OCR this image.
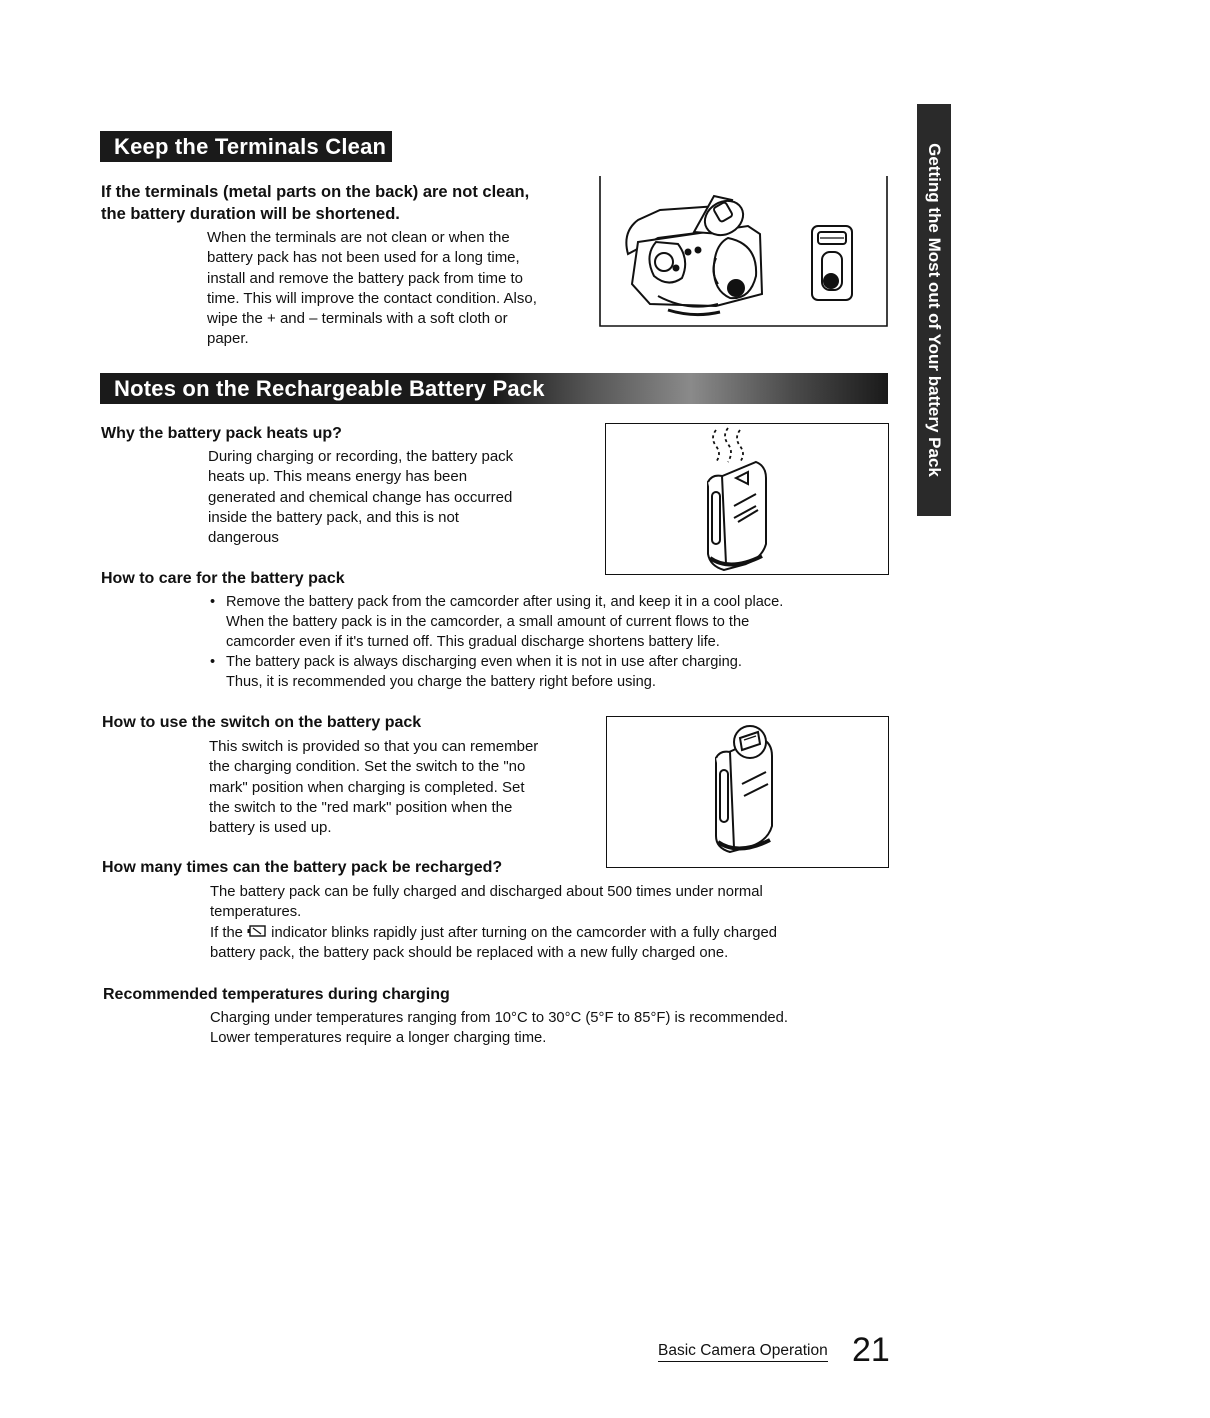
Getting the Most out of Your battery Pack
Keep the Terminals Clean
If the terminals (metal parts on the back) are not clean,
the battery duration will be shortened.
When the terminals are not clean or when the
battery pack has not been used for a long time,
install and remove the battery pack from time to
time. This will improve the contact condition. Also,
wipe the + and – terminals with a soft cloth or
paper.
Notes on the Rechargeable Battery Pack
Why the battery pack heats up?
During charging or recording, the battery pack
heats up. This means energy has been
generated and chemical change has occurred
inside the battery pack, and this is not
dangerous
How to care for the battery pack
• Remove the battery pack from the camcorder after using it, and keep it in a cool place.
When the battery pack is in the camcorder, a small amount of current flows to the
camcorder even if it's turned off. This gradual discharge shortens battery life.
• The battery pack is always discharging even when it is not in use after charging.
Thus, it is recommended you charge the battery right before using.
How to use the switch on the battery pack
This switch is provided so that you can remember
the charging condition. Set the switch to the "no
mark" position when charging is completed. Set
the switch to the "red mark" position when the
battery is used up.
How many times can the battery pack be recharged?
The battery pack can be fully charged and discharged about 500 times under normal
temperatures.
If the indicator blinks rapidly just after turning on the camcorder with a fully charged
battery pack, the battery pack should be replaced with a new fully charged one.
Recommended temperatures during charging
Charging under temperatures ranging from 10°C to 30°C (5°F to 85°F) is recommended.
Lower temperatures require a longer charging time.
Basic Camera Operation 21
